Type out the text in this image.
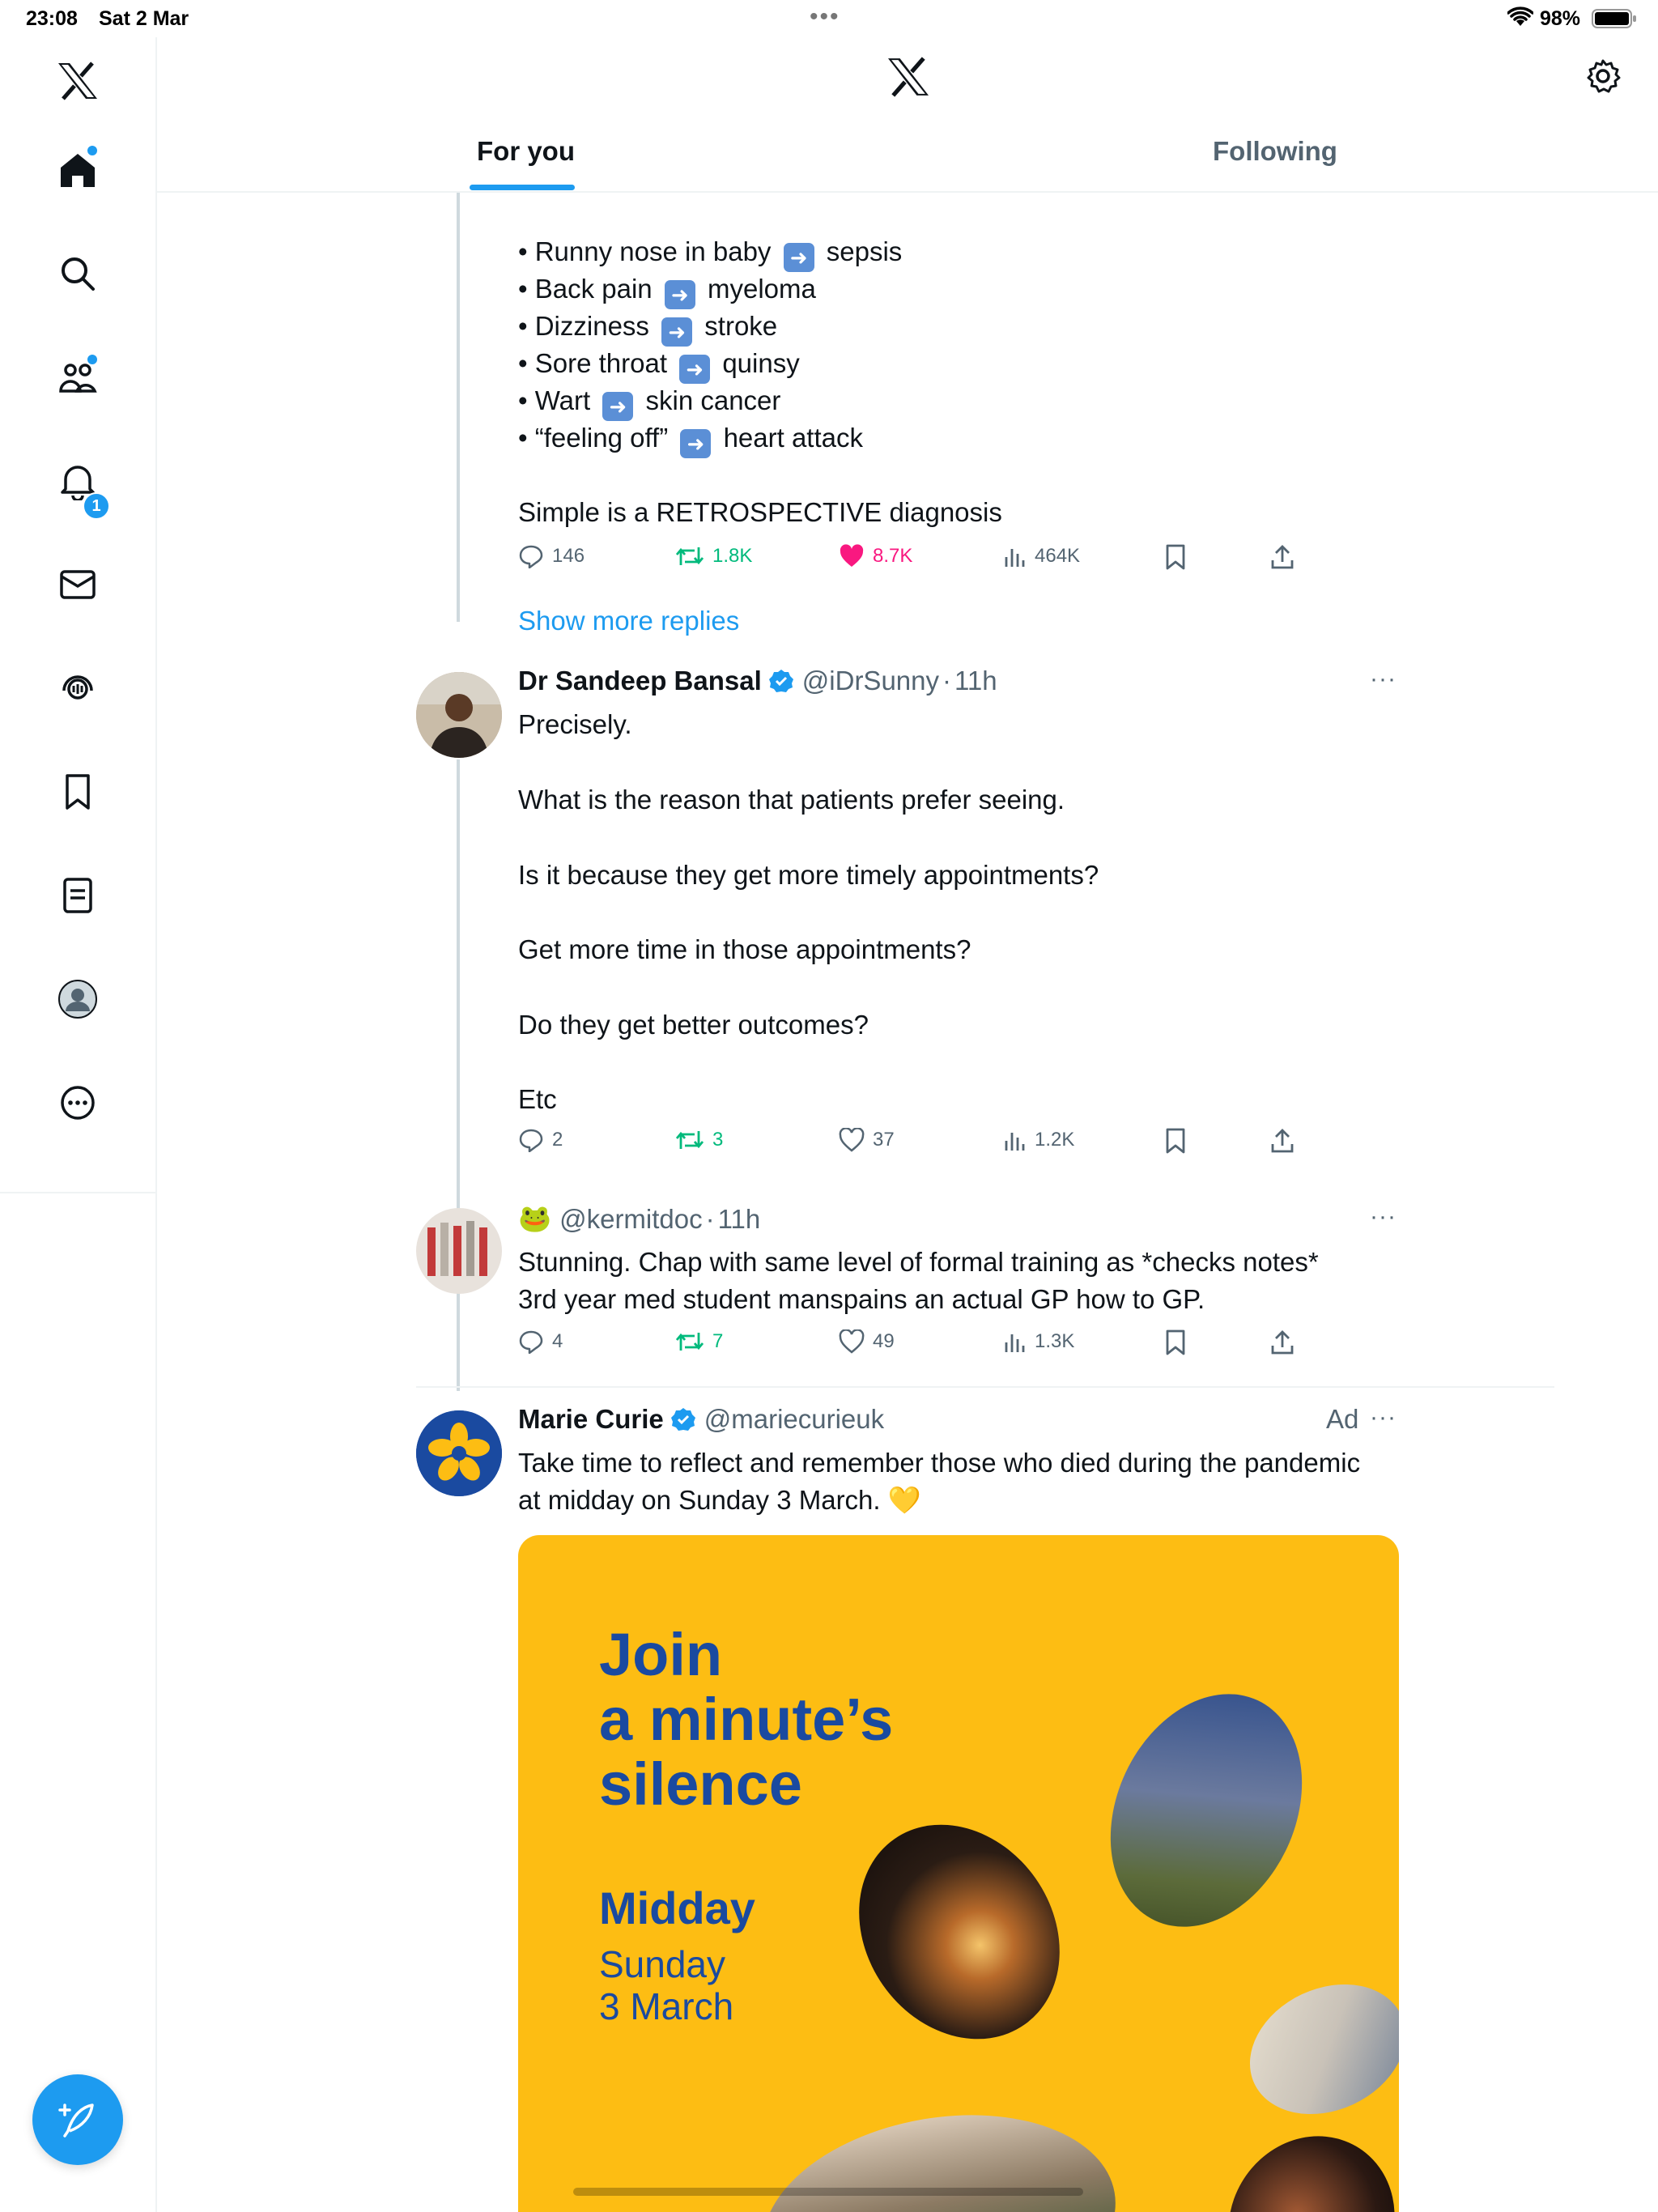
23:08 Sat 2 Mar	•••	98%
1
For you	Following
• Runny nose in baby ➜ sepsis
• Back pain ➜ myeloma
• Dizziness ➜ stroke
• Sore throat ➜ quinsy
• Wart ➜ skin cancer
• “feeling off” ➜ heart attack
Simple is a RETROSPECTIVE diagnosis
146	1.8K	8.7K	464K
Show more replies
Dr Sandeep Bansal @iDrSunny · 11h	···
Precisely.
What is the reason that patients prefer seeing.
Is it because they get more timely appointments?
Get more time in those appointments?
Do they get better outcomes?
Etc
2	3	37	1.2K
🐸 @kermitdoc · 11h	···
Stunning. Chap with same level of formal training as *checks notes*
3rd year med student manspains an actual GP how to GP.
4	7	49	1.3K
Marie Curie @mariecurieuk	Ad ···
Take time to reflect and remember those who died during the pandemic
at midday on Sunday 3 March. 💛
Join
a minute’s
silence
Midday
Sunday
3 March
